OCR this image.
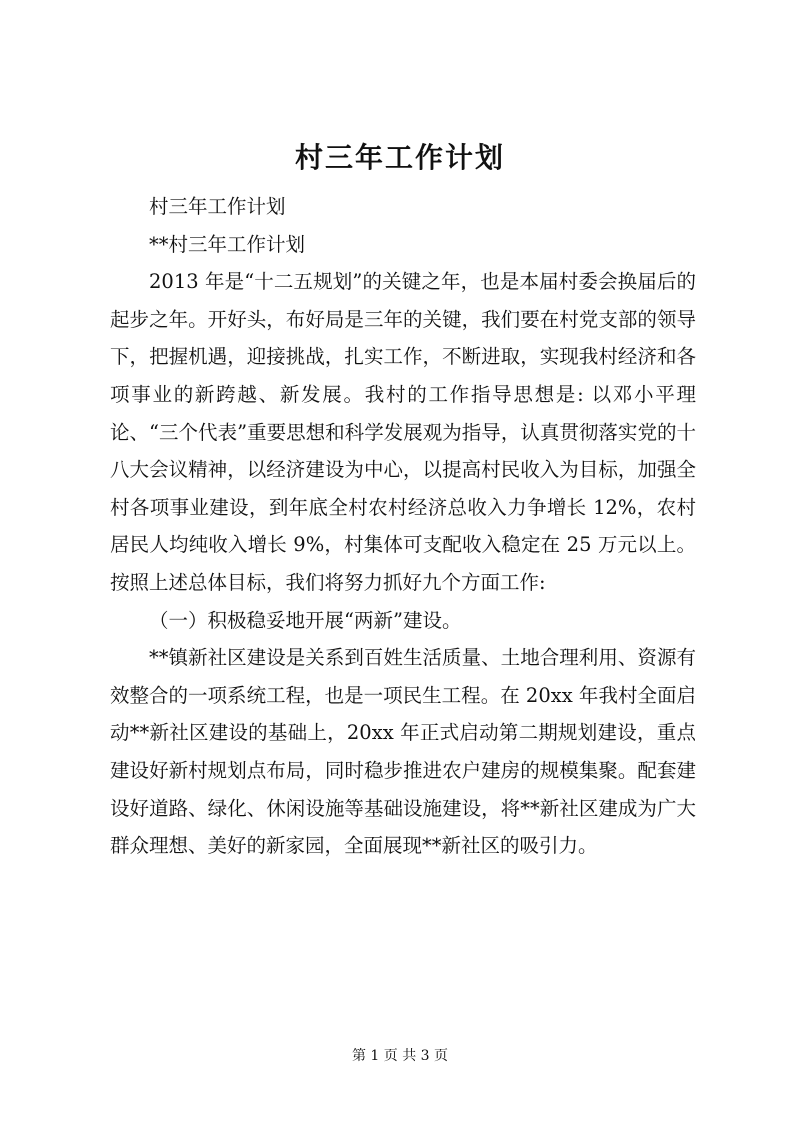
村三年工作计划

村三年工作计划

**村三年工作计划

2013 年是“十二五规划”的关键之年，也是本届村委会换届后的起步之年。开好头，布好局是三年的关键，我们要在村党支部的领导下，把握机遇，迎接挑战，扎实工作，不断进取，实现我村经济和各项事业的新跨越、新发展。我村的工作指导思想是: 以邓小平理论、“三个代表”重要思想和科学发展观为指导，认真贯彻落实党的十八大会议精神，以经济建设为中心，以提高村民收入为目标，加强全村各项事业建设，到年底全村农村经济总收入力争增长 12%，农村居民人均纯收入增长 9%，村集体可支配收入稳定在 25 万元以上。按照上述总体目标，我们将努力抓好九个方面工作:

（一）积极稳妥地开展“两新”建设。

**镇新社区建设是关系到百姓生活质量、土地合理利用、资源有效整合的一项系统工程，也是一项民生工程。在 20xx 年我村全面启动**新社区建设的基础上，20xx 年正式启动第二期规划建设，重点建设好新村规划点布局，同时稳步推进农户建房的规模集聚。配套建设好道路、绿化、休闲设施等基础设施建设，将**新社区建成为广大群众理想、美好的新家园，全面展现**新社区的吸引力。

第 1 页 共 3 页
